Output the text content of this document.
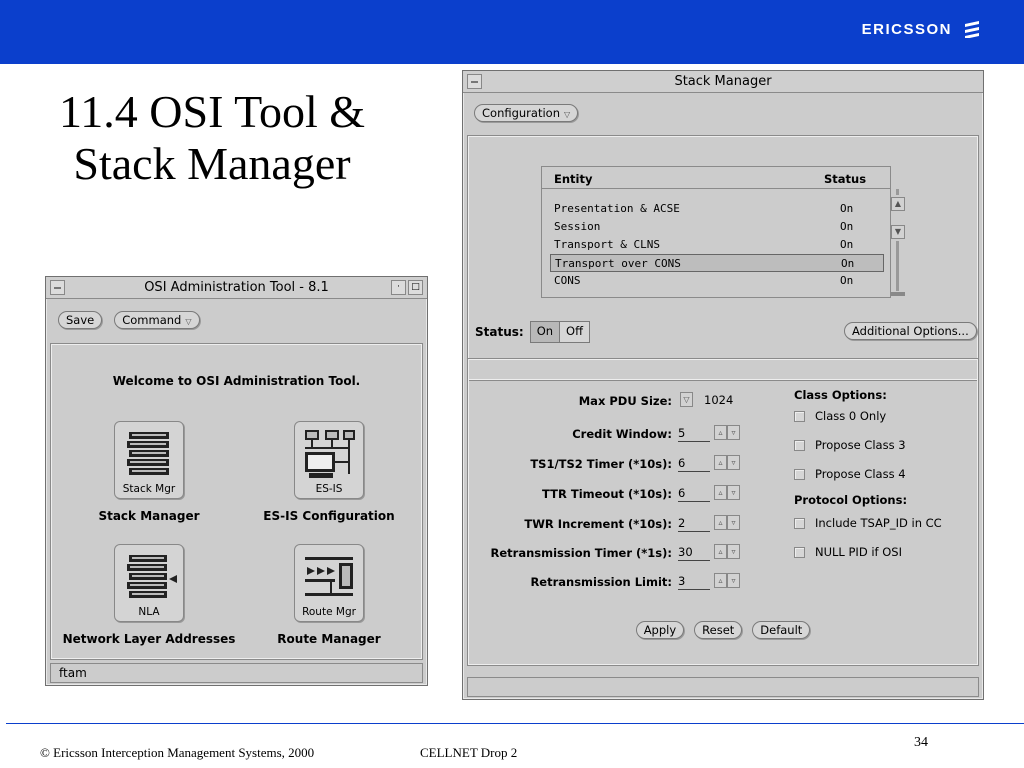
ERICSSON
11.4 OSI Tool &
Stack Manager
OSI Administration Tool - 8.1	·	□
Save	Command ▽
Welcome to OSI Administration Tool.
Stack Mgr
Stack Manager
ES-IS
ES-IS Configuration
NLA
Network Layer Addresses
Route Mgr
Route Manager
ftam
Stack Manager
Configuration ▽
Entity	Status
Presentation & ACSE	On
Session	On
Transport & CLNS	On
Transport over CONS	On
CONS	On
▲
▼
Status:	On	Off	Additional Options...
Max PDU Size:	▽ 1024
Credit Window: 5	▵	▿
TS1/TS2 Timer (*10s): 6	▵	▿
TTR Timeout (*10s): 6	▵	▿
TWR Increment (*10s): 2	▵	▿
Retransmission Timer (*1s): 30	▵	▿
Retransmission Limit: 3	▵	▿
Class Options:
Class 0 Only
Propose Class 3
Propose Class 4
Protocol Options:
Include TSAP_ID in CC
NULL PID if OSI
Apply	Reset	Default
© Ericsson Interception Management Systems, 2000	CELLNET Drop 2
34
